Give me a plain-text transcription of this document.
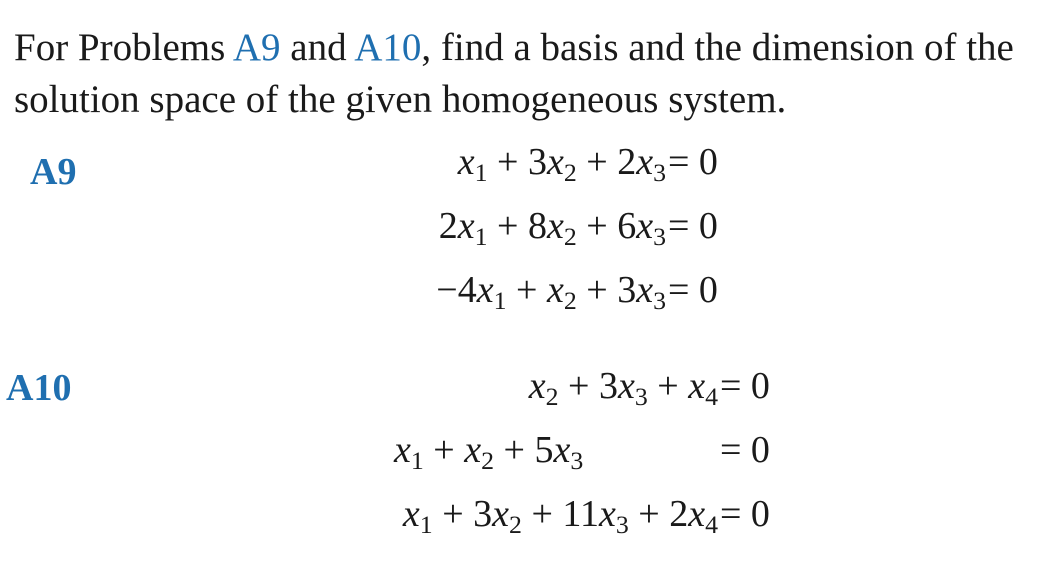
For Problems A9 and A10, find a basis and the dimension of the solution space of the given homogeneous system.
A9
A10
$x_1 + 3x_2 + 2x_3 = 0$
$2x_1 + 8x_2 + 6x_3 = 0$
$-4x_1 + x_2 + 3x_3 = 0$
$x_2 + 3x_3 + x_4 = 0$
$x_1 + x_2 + 5x_3$	= 0
$x_1 + 3x_2 + 11x_3 + 2x_4 = 0$
